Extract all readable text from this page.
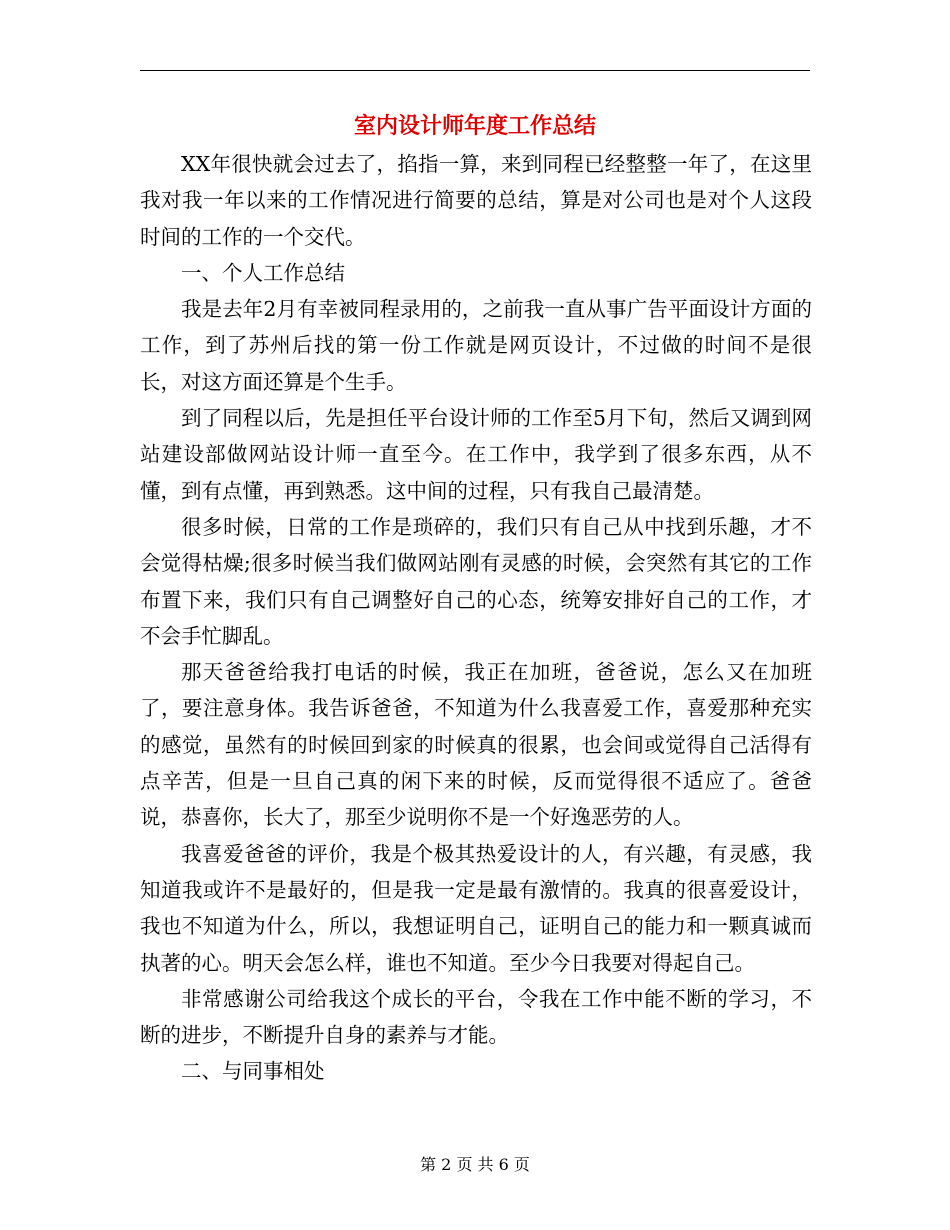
室内设计师年度工作总结

XX年很快就会过去了，掐指一算，来到同程已经整整一年了，在这里我对我一年以来的工作情况进行简要的总结，算是对公司也是对个人这段时间的工作的一个交代。

一、个人工作总结

我是去年2月有幸被同程录用的，之前我一直从事广告平面设计方面的工作，到了苏州后找的第一份工作就是网页设计，不过做的时间不是很长，对这方面还算是个生手。

到了同程以后，先是担任平台设计师的工作至5月下旬，然后又调到网站建设部做网站设计师一直至今。在工作中，我学到了很多东西，从不懂，到有点懂，再到熟悉。这中间的过程，只有我自己最清楚。

很多时候，日常的工作是琐碎的，我们只有自己从中找到乐趣，才不会觉得枯燥;很多时候当我们做网站刚有灵感的时候，会突然有其它的工作布置下来，我们只有自己调整好自己的心态，统筹安排好自己的工作，才不会手忙脚乱。

那天爸爸给我打电话的时候，我正在加班，爸爸说，怎么又在加班了，要注意身体。我告诉爸爸，不知道为什么我喜爱工作，喜爱那种充实的感觉，虽然有的时候回到家的时候真的很累，也会间或觉得自己活得有点辛苦，但是一旦自己真的闲下来的时候，反而觉得很不适应了。爸爸说，恭喜你，长大了，那至少说明你不是一个好逸恶劳的人。

我喜爱爸爸的评价，我是个极其热爱设计的人，有兴趣，有灵感，我知道我或许不是最好的，但是我一定是最有激情的。我真的很喜爱设计，我也不知道为什么，所以，我想证明自己，证明自己的能力和一颗真诚而执著的心。明天会怎么样，谁也不知道。至少今日我要对得起自己。

非常感谢公司给我这个成长的平台，令我在工作中能不断的学习，不断的进步，不断提升自身的素养与才能。

二、与同事相处

第 2 页 共 6 页
